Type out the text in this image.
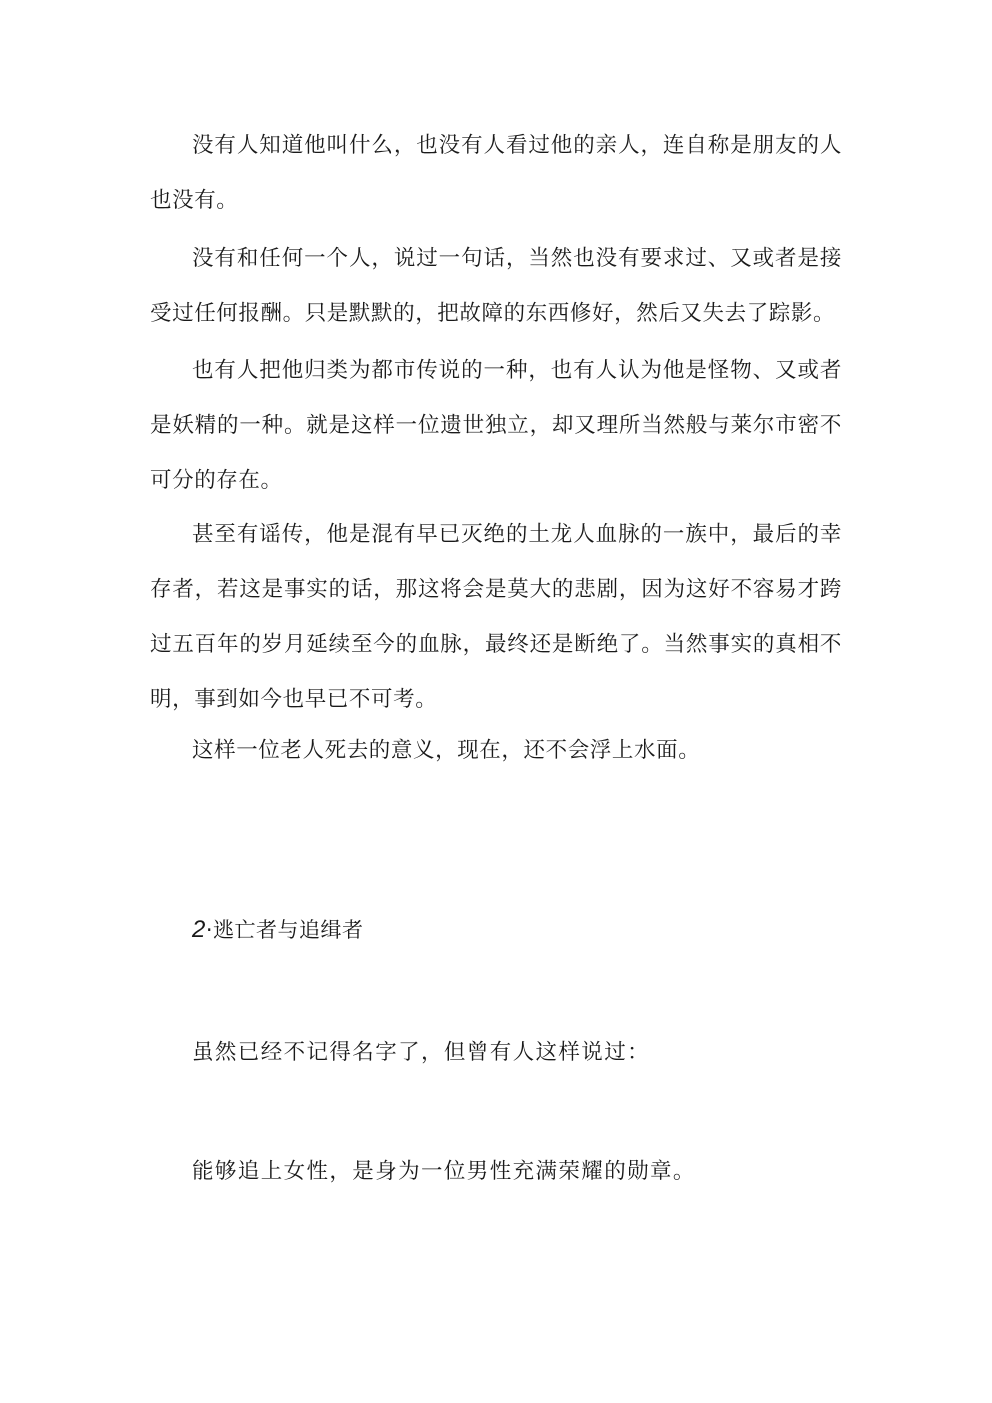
没有人知道他叫什么，也没有人看过他的亲人，连自称是朋友的人也没有。

没有和任何一个人，说过一句话，当然也没有要求过、又或者是接受过任何报酬。只是默默的，把故障的东西修好，然后又失去了踪影。

也有人把他归类为都市传说的一种，也有人认为他是怪物、又或者是妖精的一种。就是这样一位遗世独立，却又理所当然般与莱尔市密不可分的存在。

甚至有谣传，他是混有早已灭绝的土龙人血脉的一族中，最后的幸存者，若这是事实的话，那这将会是莫大的悲剧，因为这好不容易才跨过五百年的岁月延续至今的血脉，最终还是断绝了。当然事实的真相不明，事到如今也早已不可考。

这样一位老人死去的意义，现在，还不会浮上水面。

2·逃亡者与追缉者

虽然已经不记得名字了，但曾有人这样说过：

能够追上女性，是身为一位男性充满荣耀的勋章。
